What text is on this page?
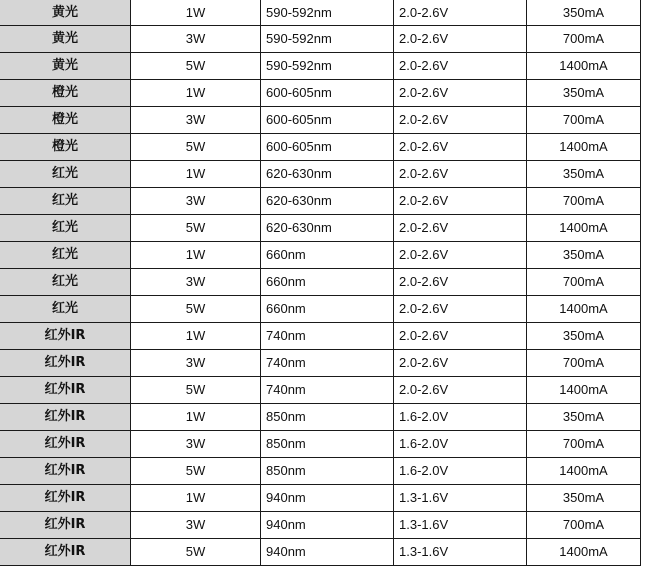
黄光	1W	590-592nm	2.0-2.6V	350mA
黄光	3W	590-592nm	2.0-2.6V	700mA
黄光	5W	590-592nm	2.0-2.6V	1400mA
橙光	1W	600-605nm	2.0-2.6V	350mA
橙光	3W	600-605nm	2.0-2.6V	700mA
橙光	5W	600-605nm	2.0-2.6V	1400mA
红光	1W	620-630nm	2.0-2.6V	350mA
红光	3W	620-630nm	2.0-2.6V	700mA
红光	5W	620-630nm	2.0-2.6V	1400mA
红光	1W	660nm	2.0-2.6V	350mA
红光	3W	660nm	2.0-2.6V	700mA
红光	5W	660nm	2.0-2.6V	1400mA
红外IR	1W	740nm	2.0-2.6V	350mA
红外IR	3W	740nm	2.0-2.6V	700mA
红外IR	5W	740nm	2.0-2.6V	1400mA
红外IR	1W	850nm	1.6-2.0V	350mA
红外IR	3W	850nm	1.6-2.0V	700mA
红外IR	5W	850nm	1.6-2.0V	1400mA
红外IR	1W	940nm	1.3-1.6V	350mA
红外IR	3W	940nm	1.3-1.6V	700mA
红外IR	5W	940nm	1.3-1.6V	1400mA
